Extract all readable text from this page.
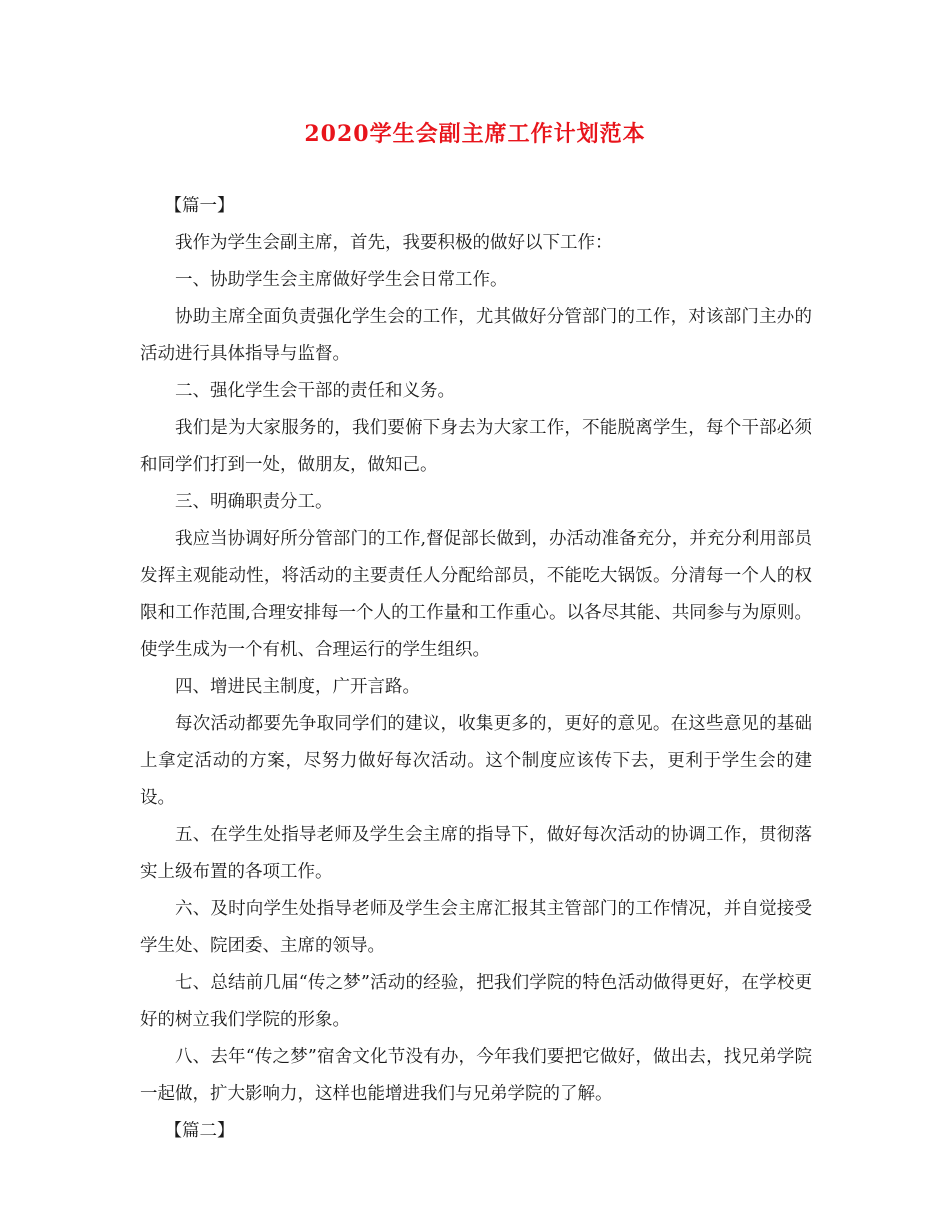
2020学生会副主席工作计划范本

【篇一】

我作为学生会副主席，首先，我要积极的做好以下工作：

一、协助学生会主席做好学生会日常工作。

协助主席全面负责强化学生会的工作，尤其做好分管部门的工作，对该部门主办的活动进行具体指导与监督。

二、强化学生会干部的责任和义务。

我们是为大家服务的，我们要俯下身去为大家工作，不能脱离学生，每个干部必须和同学们打到一处，做朋友，做知己。

三、明确职责分工。

我应当协调好所分管部门的工作,督促部长做到，办活动准备充分，并充分利用部员发挥主观能动性，将活动的主要责任人分配给部员，不能吃大锅饭。分清每一个人的权限和工作范围,合理安排每一个人的工作量和工作重心。以各尽其能、共同参与为原则。使学生成为一个有机、合理运行的学生组织。

四、增进民主制度，广开言路。

每次活动都要先争取同学们的建议，收集更多的，更好的意见。在这些意见的基础上拿定活动的方案，尽努力做好每次活动。这个制度应该传下去，更利于学生会的建设。

五、在学生处指导老师及学生会主席的指导下，做好每次活动的协调工作，贯彻落实上级布置的各项工作。

六、及时向学生处指导老师及学生会主席汇报其主管部门的工作情况，并自觉接受学生处、院团委、主席的领导。

七、总结前几届“传之梦”活动的经验，把我们学院的特色活动做得更好，在学校更好的树立我们学院的形象。

八、去年“传之梦”宿舍文化节没有办，今年我们要把它做好，做出去，找兄弟学院一起做，扩大影响力，这样也能增进我们与兄弟学院的了解。

【篇二】
